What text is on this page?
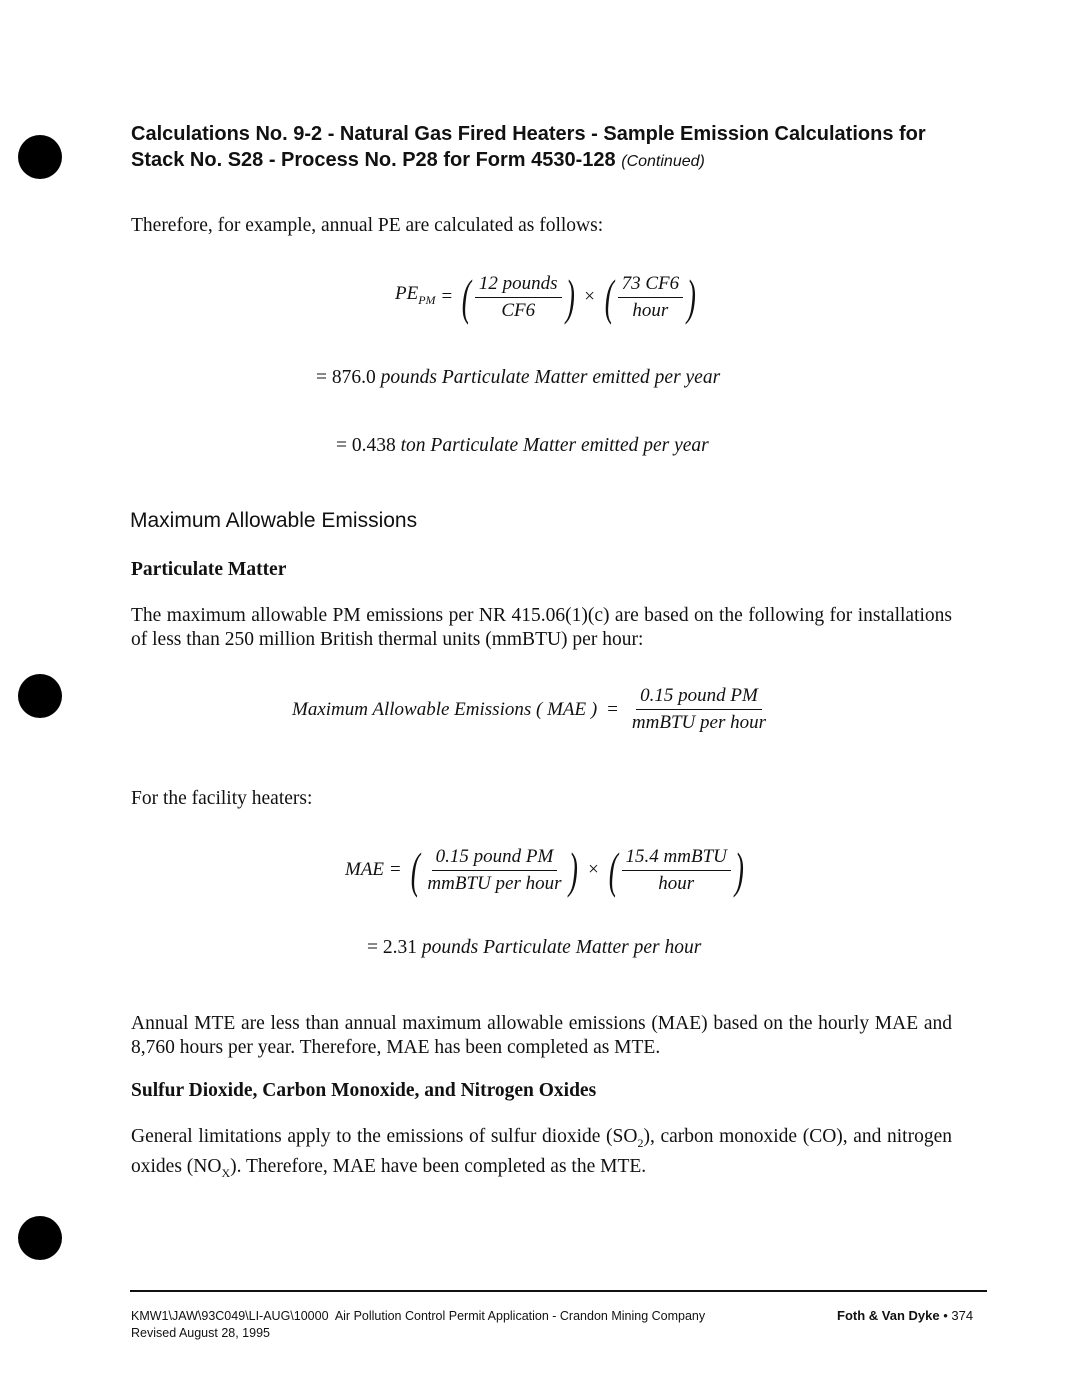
Calculations No. 9-2 - Natural Gas Fired Heaters - Sample Emission Calculations for
Stack No. S28 - Process No. P28 for Form 4530-128 (Continued)
Therefore, for example, annual PE are calculated as follows:
$PE_{PM}$ = ( $\frac{\text{12 pounds}}{CF6}$ ) × ( $\frac{73 CF6}{\text{hour}}$ )
= 876.0 pounds Particulate Matter emitted per year
= 0.438 ton Particulate Matter emitted per year
Maximum Allowable Emissions
Particulate Matter
The maximum allowable PM emissions per NR 415.06(1)(c) are based on the following for installations of less than 250 million British thermal units (mmBTU) per hour:
Maximum Allowable Emissions ( MAE ) = $\frac{\text{0.15 pound PM}}{\text{mmBTU per hour}}$
For the facility heaters:
MAE = ( $\frac{\text{0.15 pound PM}}{\text{mmBTU per hour}}$ ) × ( $\frac{\text{15.4 mmBTU}}{\text{hour}}$ )
= 2.31 pounds Particulate Matter per hour
Annual MTE are less than annual maximum allowable emissions (MAE) based on the hourly MAE and 8,760 hours per year. Therefore, MAE has been completed as MTE.
Sulfur Dioxide, Carbon Monoxide, and Nitrogen Oxides
General limitations apply to the emissions of sulfur dioxide $(SO_2)$, carbon monoxide (CO), and nitrogen oxides $(NO_X)$. Therefore, MAE have been completed as the MTE.
KMW1\JAW\93C049\LI-AUG\10000 Air Pollution Control Permit Application - Crandon Mining Company
Revised August 28, 1995
Foth & Van Dyke • 374
